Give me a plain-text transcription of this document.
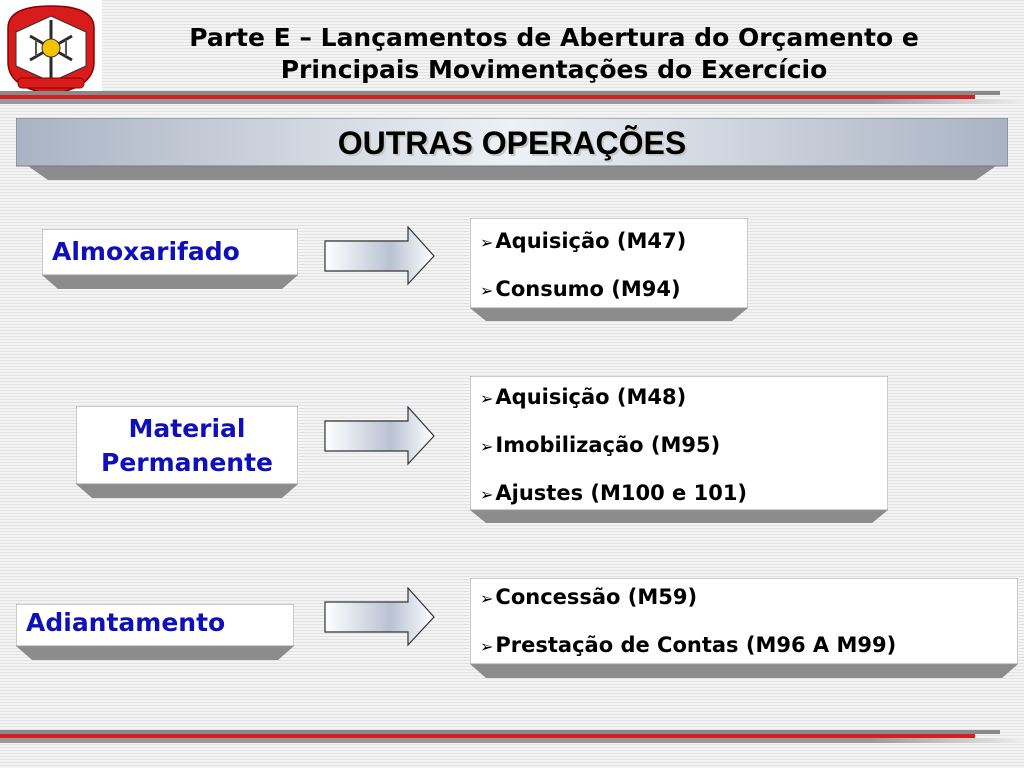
Parte E – Lançamentos de Abertura do Orçamento e
Principais Movimentações do Exercício
OUTRAS OPERAÇÕES
Almoxarifado	➢ Aquisição (M47)
➢ Consumo (M94)
Material
Permanente
➢ Aquisição (M48)
➢ Imobilização (M95)
➢ Ajustes (M100 e 101)
Adiantamento
➢ Concessão (M59)
➢ Prestação de Contas (M96 A M99)
